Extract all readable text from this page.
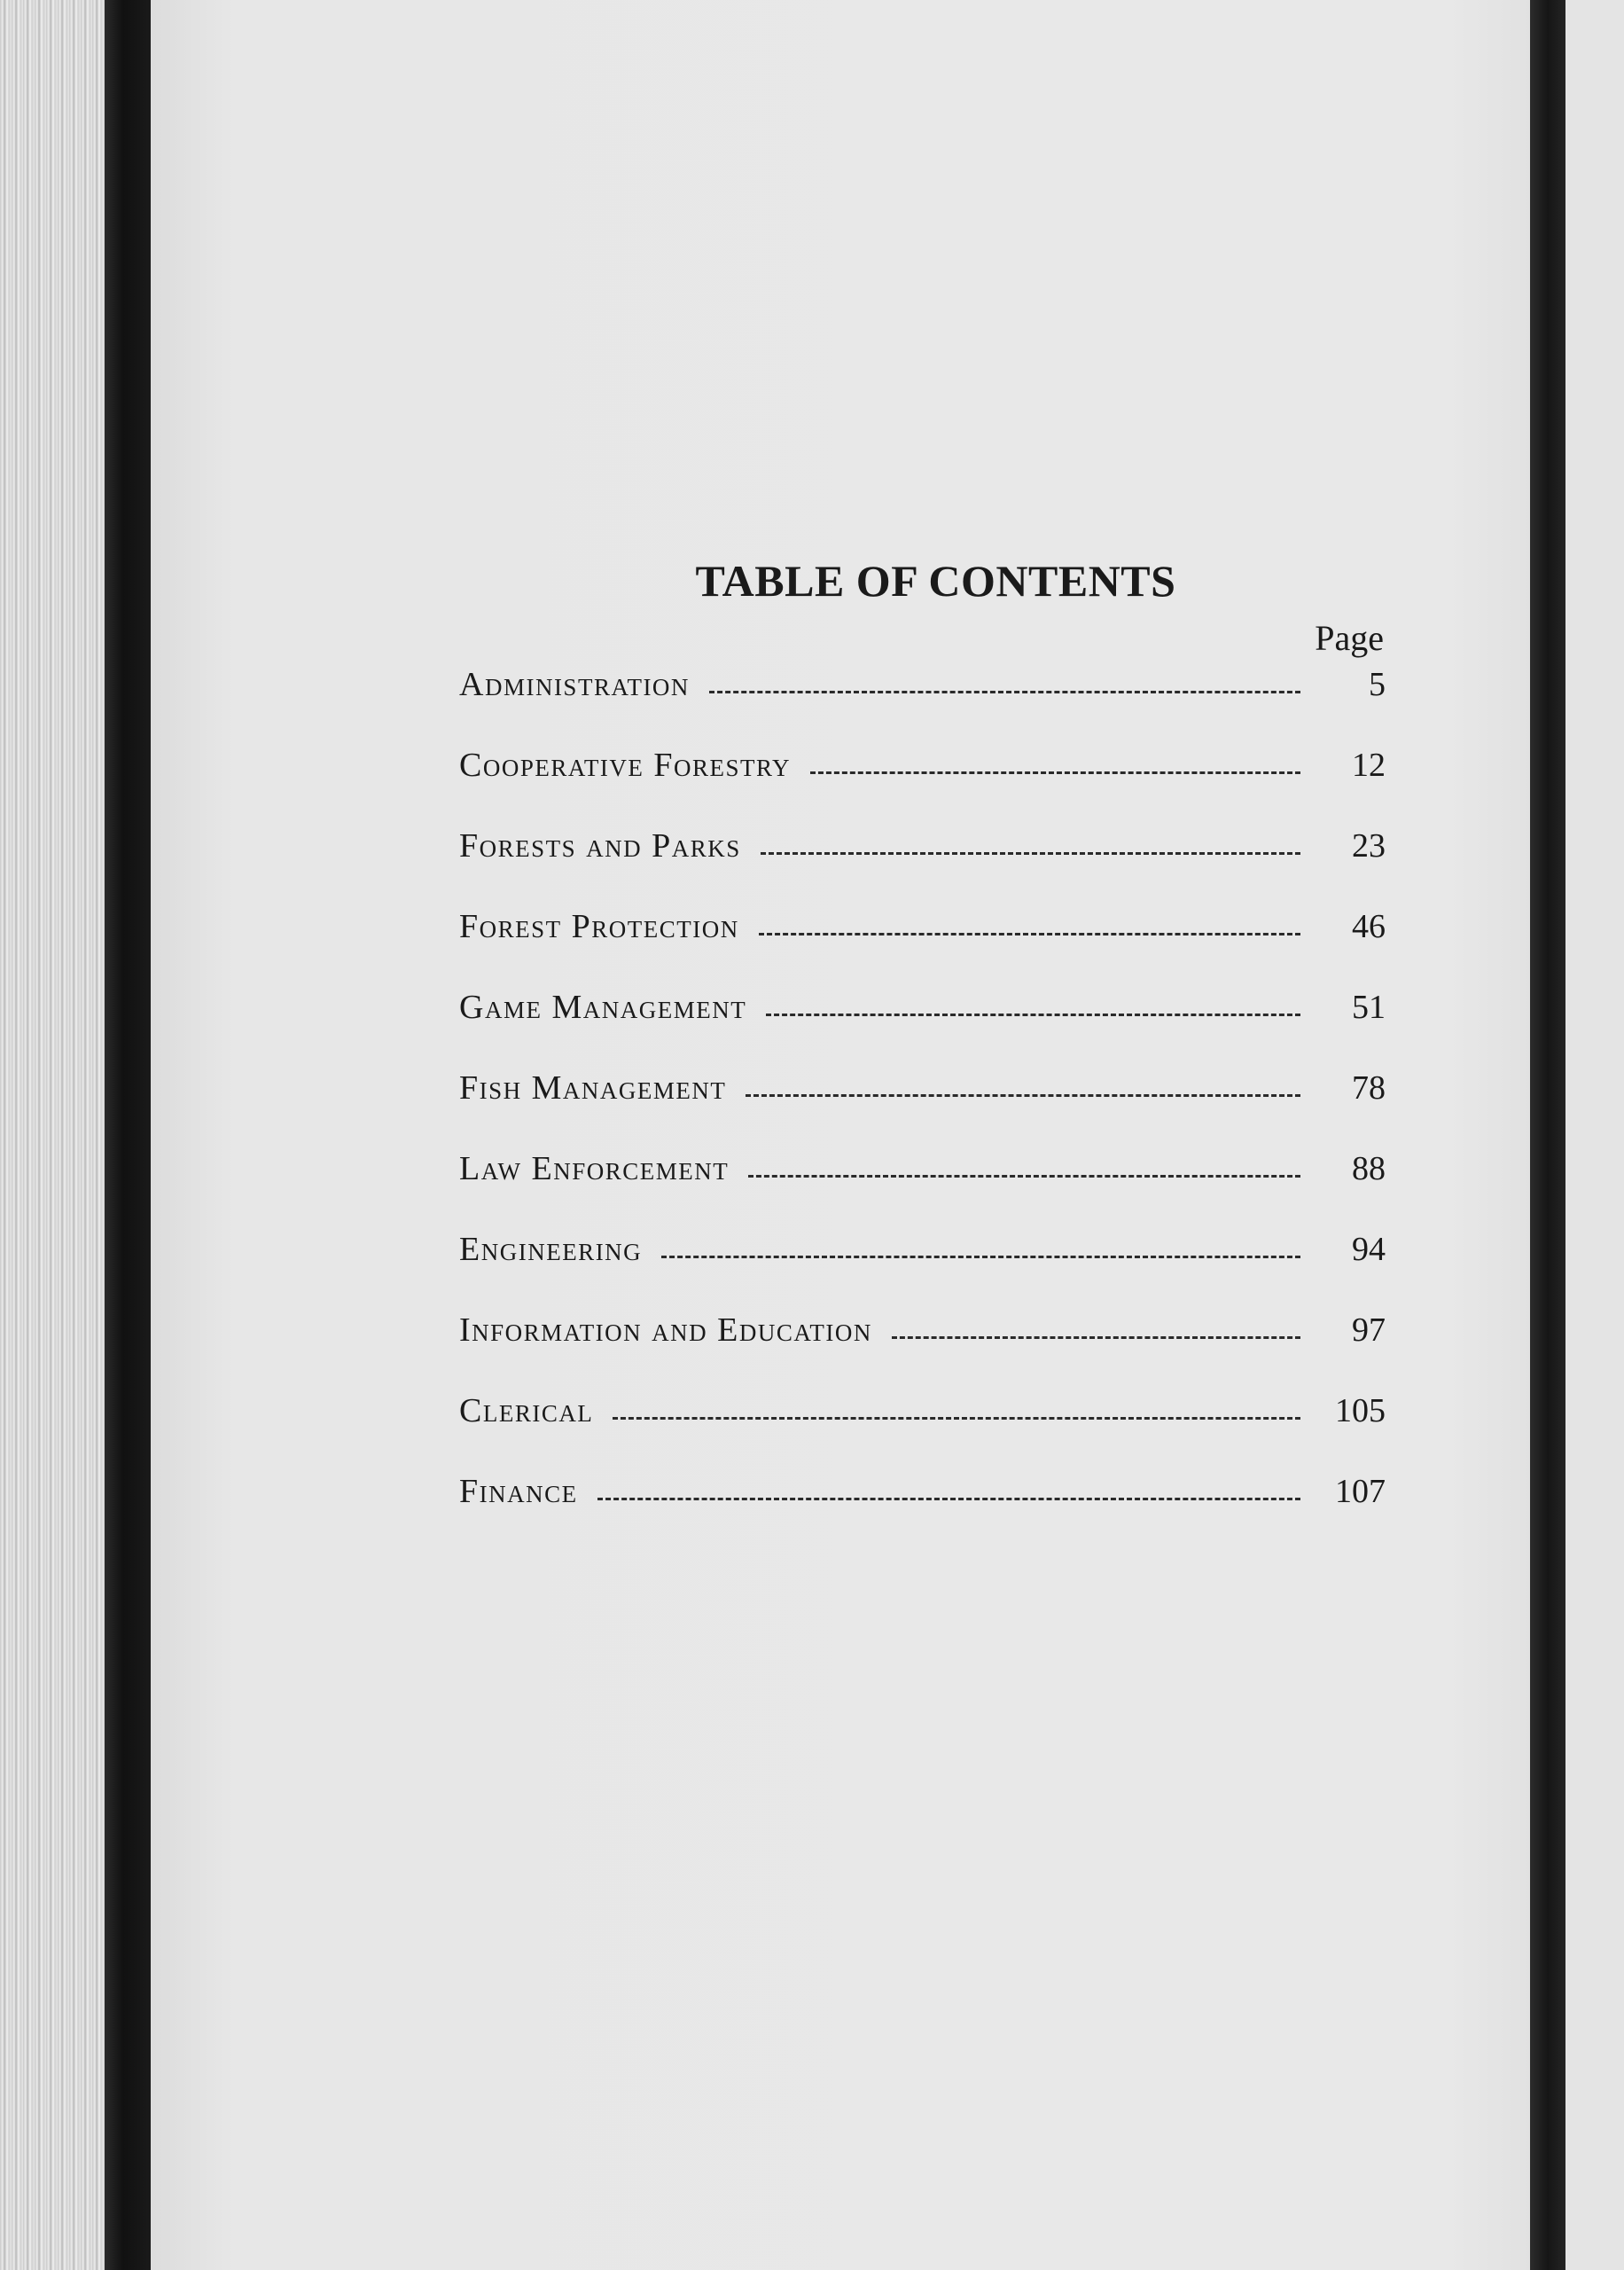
TABLE OF CONTENTS
Page
Administration	5
Cooperative Forestry	12
Forests and Parks	23
Forest Protection	46
Game Management	51
Fish Management	78
Law Enforcement	88
Engineering	94
Information and Education	97
Clerical	105
Finance	107
